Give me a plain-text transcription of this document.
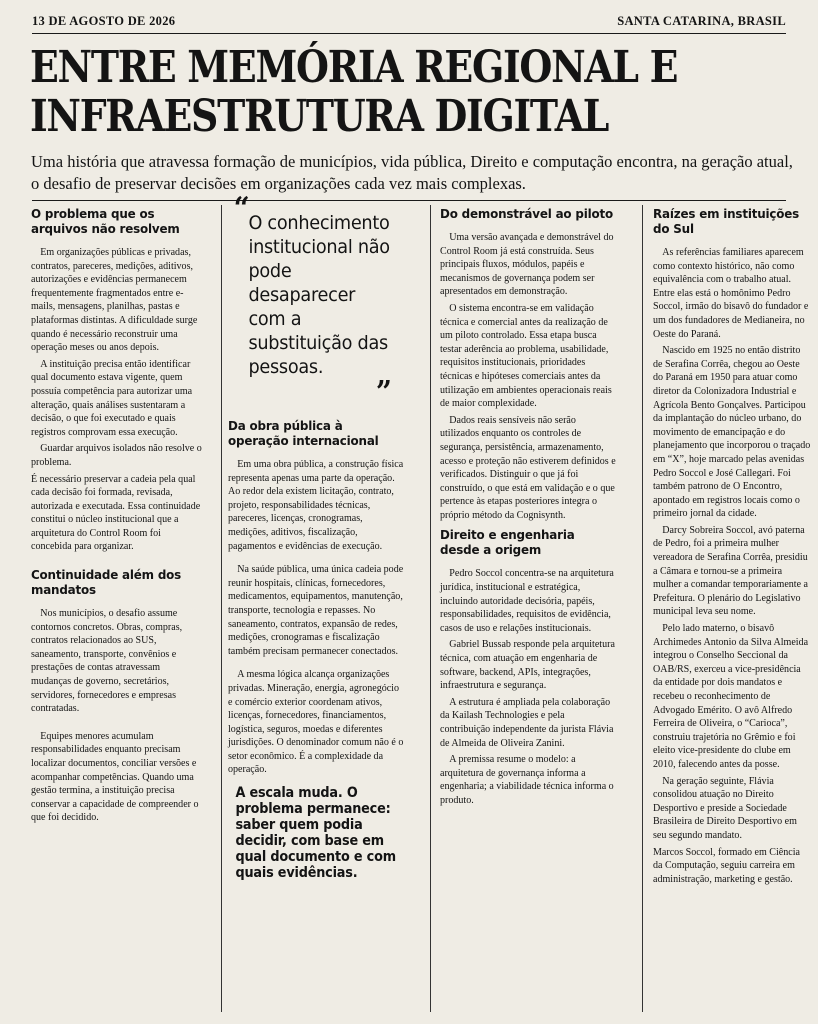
13 DE AGOSTO DE 2026	SANTA CATARINA, BRASIL
ENTRE MEMÓRIA REGIONAL E
INFRAESTRUTURA DIGITAL
Uma história que atravessa formação de municípios, vida pública, Direito e computação encontra, na geração atual, o desafio de preservar decisões em organizações cada vez mais complexas.
O problema que os arquivos não resolvem

Em organizações públicas e privadas, contratos, pareceres, medições, aditivos, autorizações e evidências permanecem frequentemente fragmentados entre e-mails, mensagens, planilhas, pastas e plataformas distintas. A dificuldade surge quando é necessário reconstruir uma operação meses ou anos depois.

A instituição precisa então identificar qual documento estava vigente, quem possuía competência para autorizar uma alteração, quais análises sustentaram a decisão, o que foi executado e quais registros comprovam essa execução.

Guardar arquivos isolados não resolve o problema.

É necessário preservar a cadeia pela qual cada decisão foi formada, revisada, autorizada e executada. Essa continuidade constitui o núcleo institucional que a arquitetura do Control Room foi concebida para organizar.

Continuidade além dos mandatos

Nos municípios, o desafio assume contornos concretos. Obras, compras, contratos relacionados ao SUS, saneamento, transporte, convênios e prestações de contas atravessam mudanças de governo, secretários, servidores, fornecedores e empresas contratadas.

Equipes menores acumulam responsabilidades enquanto precisam localizar documentos, conciliar versões e acompanhar competências. Quando uma gestão termina, a instituição precisa conservar a capacidade de compreender o que foi decidido.

“ O conhecimento institucional não pode desaparecer com a substituição das pessoas.
”
Da obra pública à operação internacional

Em uma obra pública, a construção física representa apenas uma parte da operação. Ao redor dela existem licitação, contrato, projeto, responsabilidades técnicas, pareceres, licenças, cronogramas, medições, aditivos, fiscalização, pagamentos e evidências de execução.

Na saúde pública, uma única cadeia pode reunir hospitais, clínicas, fornecedores, medicamentos, equipamentos, manutenção, transporte, tecnologia e repasses. No saneamento, contratos, expansão de redes, medições, cronogramas e fiscalização também precisam permanecer conectados.

A mesma lógica alcança organizações privadas. Mineração, energia, agronegócio e comércio exterior coordenam ativos, licenças, fornecedores, financiamentos, logística, seguros, moedas e diferentes jurisdições. O denominador comum não é o setor econômico. É a complexidade da operação.

A escala muda. O problema permanece: saber quem podia decidir, com base em qual documento e com quais evidências.
Do demonstrável ao piloto

Uma versão avançada e demonstrável do Control Room já está construída. Seus principais fluxos, módulos, papéis e mecanismos de governança podem ser apresentados em demonstração.

O sistema encontra-se em validação técnica e comercial antes da realização de um piloto controlado. Essa etapa busca testar aderência ao problema, usabilidade, requisitos institucionais, prioridades técnicas e hipóteses comerciais antes da utilização em ambientes operacionais reais de maior complexidade.

Dados reais sensíveis não serão utilizados enquanto os controles de segurança, persistência, armazenamento, acesso e proteção não estiverem definidos e verificados. Distinguir o que já foi construído, o que está em validação e o que pertence às etapas posteriores integra o próprio método da Cognisynth.

Direito e engenharia desde a origem

Pedro Soccol concentra-se na arquitetura jurídica, institucional e estratégica, incluindo autoridade decisória, papéis, responsabilidades, requisitos de evidência, casos de uso e relações institucionais.

Gabriel Bussab responde pela arquitetura técnica, com atuação em engenharia de software, backend, APIs, integrações, infraestrutura e segurança.

A estrutura é ampliada pela colaboração da Kailash Technologies e pela contribuição independente da jurista Flávia de Almeida de Oliveira Zanini.

A premissa resume o modelo: a arquitetura de governança informa a engenharia; a viabilidade técnica informa o produto.

Raízes em instituições do Sul

As referências familiares aparecem como contexto histórico, não como equivalência com o trabalho atual. Entre elas está o homônimo Pedro Soccol, irmão do bisavô do fundador e um dos fundadores de Medianeira, no Oeste do Paraná.

Nascido em 1925 no então distrito de Serafina Corrêa, chegou ao Oeste do Paraná em 1950 para atuar como diretor da Colonizadora Industrial e Agrícola Bento Gonçalves. Participou da implantação do núcleo urbano, do movimento de emancipação e do planejamento que incorporou o traçado em “X”, hoje marcado pelas avenidas Pedro Soccol e José Callegari. Foi também patrono de O Encontro, apontado em registros locais como o primeiro jornal da cidade.

Darcy Sobreira Soccol, avó paterna de Pedro, foi a primeira mulher vereadora de Serafina Corrêa, presidiu a Câmara e tornou-se a primeira mulher a comandar temporariamente a Prefeitura. O plenário do Legislativo municipal leva seu nome.

Pelo lado materno, o bisavô Archimedes Antonio da Silva Almeida integrou o Conselho Seccional da OAB/RS, exerceu a vice-presidência da entidade por dois mandatos e recebeu o reconhecimento de Advogado Emérito. O avô Alfredo Ferreira de Oliveira, o “Carioca”, construiu trajetória no Grêmio e foi eleito vice-presidente do clube em 2010, falecendo antes da posse.

Na geração seguinte, Flávia consolidou atuação no Direito Desportivo e preside a Sociedade Brasileira de Direito Desportivo em seu segundo mandato.

Marcos Soccol, formado em Ciência da Computação, seguiu carreira em administração, marketing e gestão.
